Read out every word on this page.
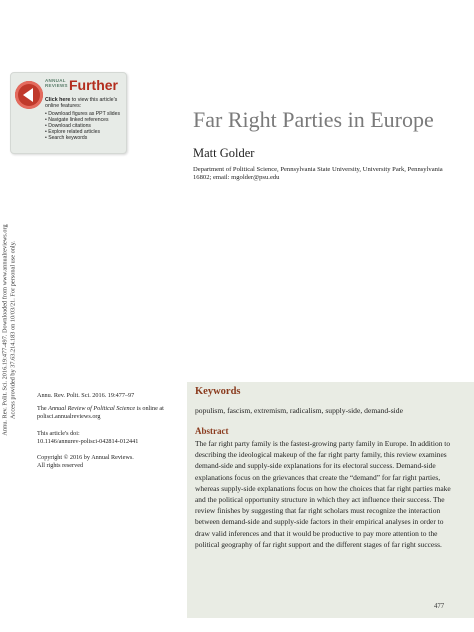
Annu. Rev. Polit. Sci. 2016.19:477-497. Downloaded from www.annualreviews.org Access provided by 37.63.214.183 on 10/03/21. For personal use only.
ANNUAL
REVIEWS Further
Click here to view this article's online features:
• Download figures as PPT slides
• Navigate linked references
• Download citations
• Explore related articles
• Search keywords
Far Right Parties in Europe
Matt Golder
Department of Political Science, Pennsylvania State University, University Park, Pennsylvania 16802; email: mgolder@psu.edu
Annu. Rev. Polit. Sci. 2016. 19:477–97
The Annual Review of Political Science is online at polisci.annualreviews.org
This article's doi:
10.1146/annurev-polisci-042814-012441
Copyright © 2016 by Annual Reviews.
All rights reserved
Keywords
populism, fascism, extremism, radicalism, supply-side, demand-side
Abstract
The far right party family is the fastest-growing party family in Europe. In addition to describing the ideological makeup of the far right party family, this review examines demand-side and supply-side explanations for its electoral success. Demand-side explanations focus on the grievances that create the “demand” for far right parties, whereas supply-side explanations focus on how the choices that far right parties make and the political opportunity structure in which they act influence their success. The review finishes by suggesting that far right scholars must recognize the interaction between demand-side and supply-side factors in their empirical analyses in order to draw valid inferences and that it would be productive to pay more attention to the political geography of far right support and the different stages of far right success.
477
